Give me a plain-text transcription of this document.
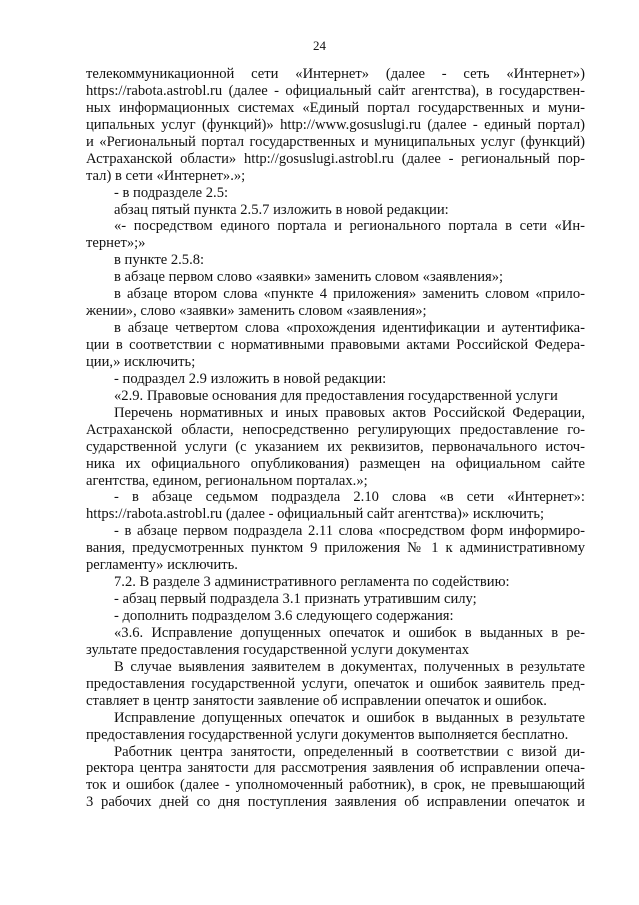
24
телекоммуникационной сети «Интернет» (далее - сеть «Интернет»)
https://rabota.astrobl.ru (далее - официальный сайт агентства), в государствен-
ных информационных системах «Единый портал государственных и муни-
ципальных услуг (функций)» http://www.gosuslugi.ru (далее - единый портал)
и «Региональный портал государственных и муниципальных услуг (функций)
Астраханской области» http://gosuslugi.astrobl.ru (далее - региональный пор-
тал) в сети «Интернет».»;
- в подразделе 2.5:
абзац пятый пункта 2.5.7 изложить в новой редакции:
«- посредством единого портала и регионального портала в сети «Ин-
тернет»;»
в пункте 2.5.8:
в абзаце первом слово «заявки» заменить словом «заявления»;
в абзаце втором слова «пункте 4 приложения» заменить словом «прило-
жении», слово «заявки» заменить словом «заявления»;
в абзаце четвертом слова «прохождения идентификации и аутентифика-
ции в соответствии с нормативными правовыми актами Российской Федера-
ции,» исключить;
- подраздел 2.9 изложить в новой редакции:
«2.9. Правовые основания для предоставления государственной услуги
Перечень нормативных и иных правовых актов Российской Федерации,
Астраханской области, непосредственно регулирующих предоставление го-
сударственной услуги (с указанием их реквизитов, первоначального источ-
ника их официального опубликования) размещен на официальном сайте
агентства, едином, региональном порталах.»;
- в абзаце седьмом подраздела 2.10 слова «в сети «Интернет»:
https://rabota.astrobl.ru (далее - официальный сайт агентства)» исключить;
- в абзаце первом подраздела 2.11 слова «посредством форм информиро-
вания, предусмотренных пунктом 9 приложения № 1 к административному
регламенту» исключить.
7.2. В разделе 3 административного регламента по содействию:
- абзац первый подраздела 3.1 признать утратившим силу;
- дополнить подразделом 3.6 следующего содержания:
«3.6. Исправление допущенных опечаток и ошибок в выданных в ре-
зультате предоставления государственной услуги документах
В случае выявления заявителем в документах, полученных в результате
предоставления государственной услуги, опечаток и ошибок заявитель пред-
ставляет в центр занятости заявление об исправлении опечаток и ошибок.
Исправление допущенных опечаток и ошибок в выданных в результате
предоставления государственной услуги документов выполняется бесплатно.
Работник центра занятости, определенный в соответствии с визой ди-
ректора центра занятости для рассмотрения заявления об исправлении опеча-
ток и ошибок (далее - уполномоченный работник), в срок, не превышающий
3 рабочих дней со дня поступления заявления об исправлении опечаток и
